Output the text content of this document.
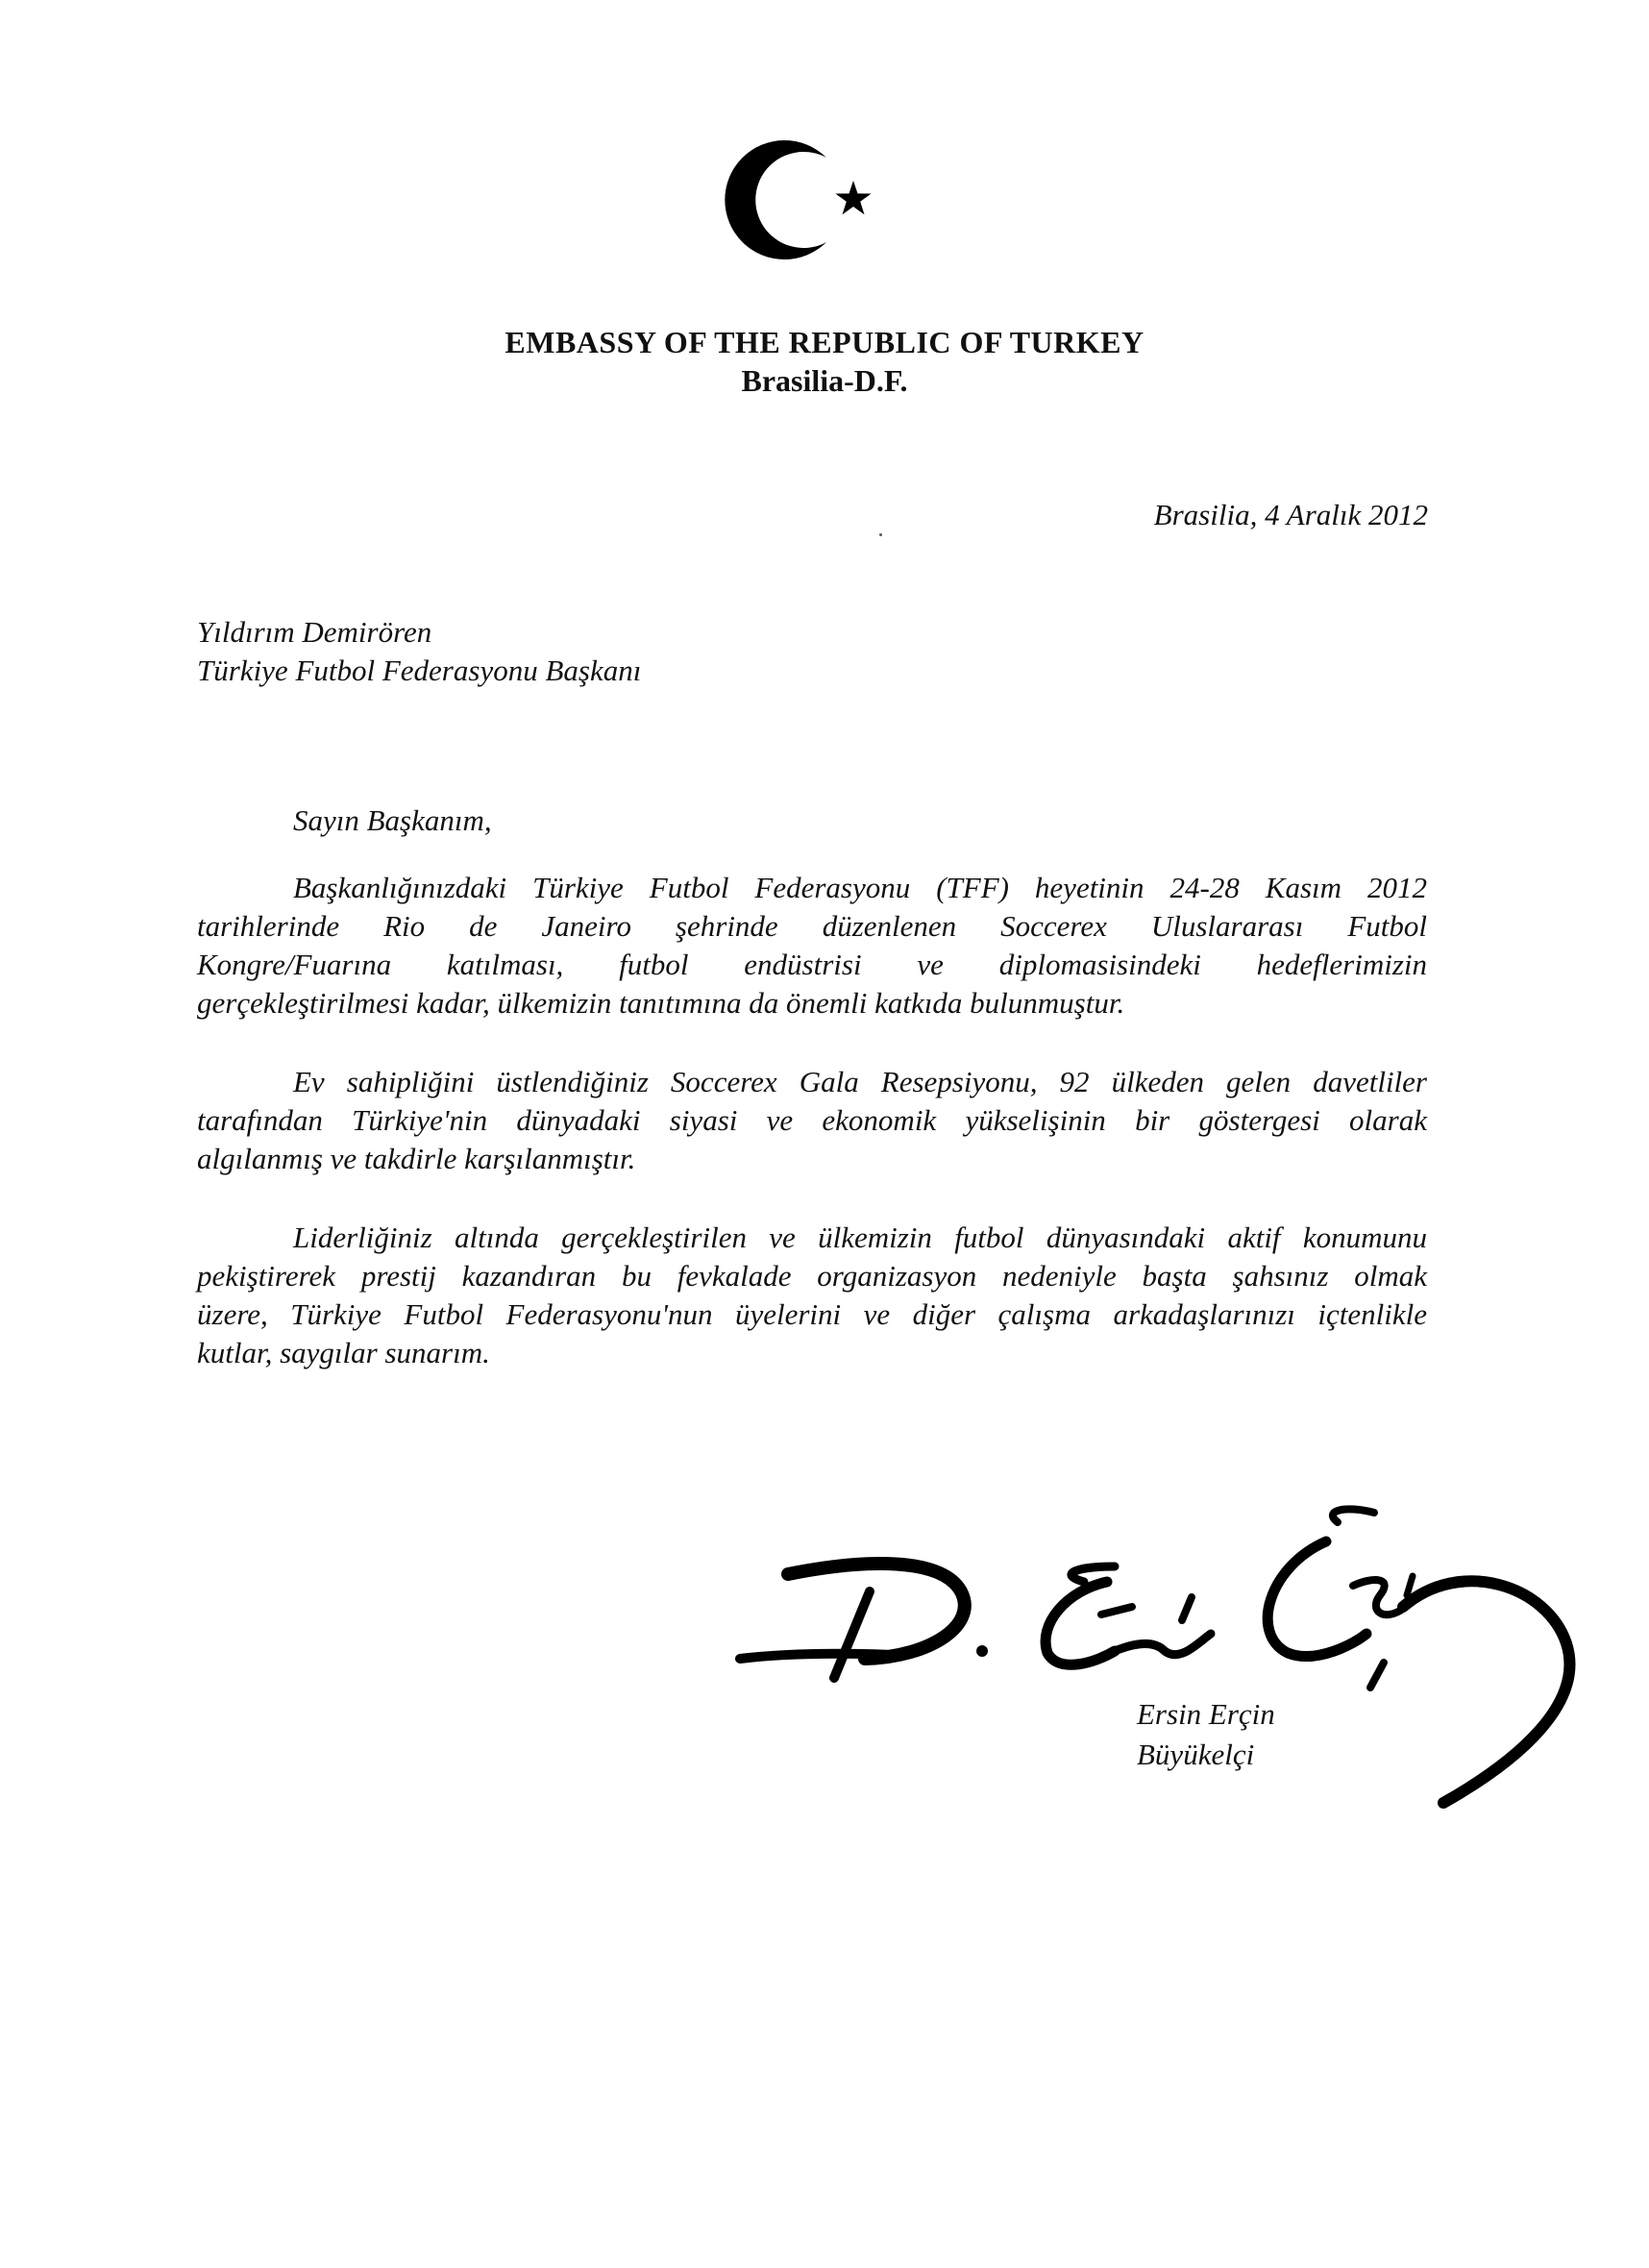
EMBASSY OF THE REPUBLIC OF TURKEY
Brasilia-D.F.
Brasilia, 4 Aralık 2012
Yıldırım Demirören
Türkiye Futbol Federasyonu Başkanı
Sayın Başkanım,
Başkanlığınızdaki Türkiye Futbol Federasyonu (TFF) heyetinin 24-28 Kasım 2012
tarihlerinde Rio de Janeiro şehrinde düzenlenen Soccerex Uluslararası Futbol
Kongre/Fuarına katılması, futbol endüstrisi ve diplomasisindeki hedeflerimizin
gerçekleştirilmesi kadar, ülkemizin tanıtımına da önemli katkıda bulunmuştur.
Ev sahipliğini üstlendiğiniz Soccerex Gala Resepsiyonu, 92 ülkeden gelen davetliler
tarafından Türkiye'nin dünyadaki siyasi ve ekonomik yükselişinin bir göstergesi olarak
algılanmış ve takdirle karşılanmıştır.
Liderliğiniz altında gerçekleştirilen ve ülkemizin futbol dünyasındaki aktif konumunu
pekiştirerek prestij kazandıran bu fevkalade organizasyon nedeniyle başta şahsınız olmak
üzere, Türkiye Futbol Federasyonu'nun üyelerini ve diğer çalışma arkadaşlarınızı içtenlikle
kutlar, saygılar sunarım.
Ersin Erçin
Büyükelçi
